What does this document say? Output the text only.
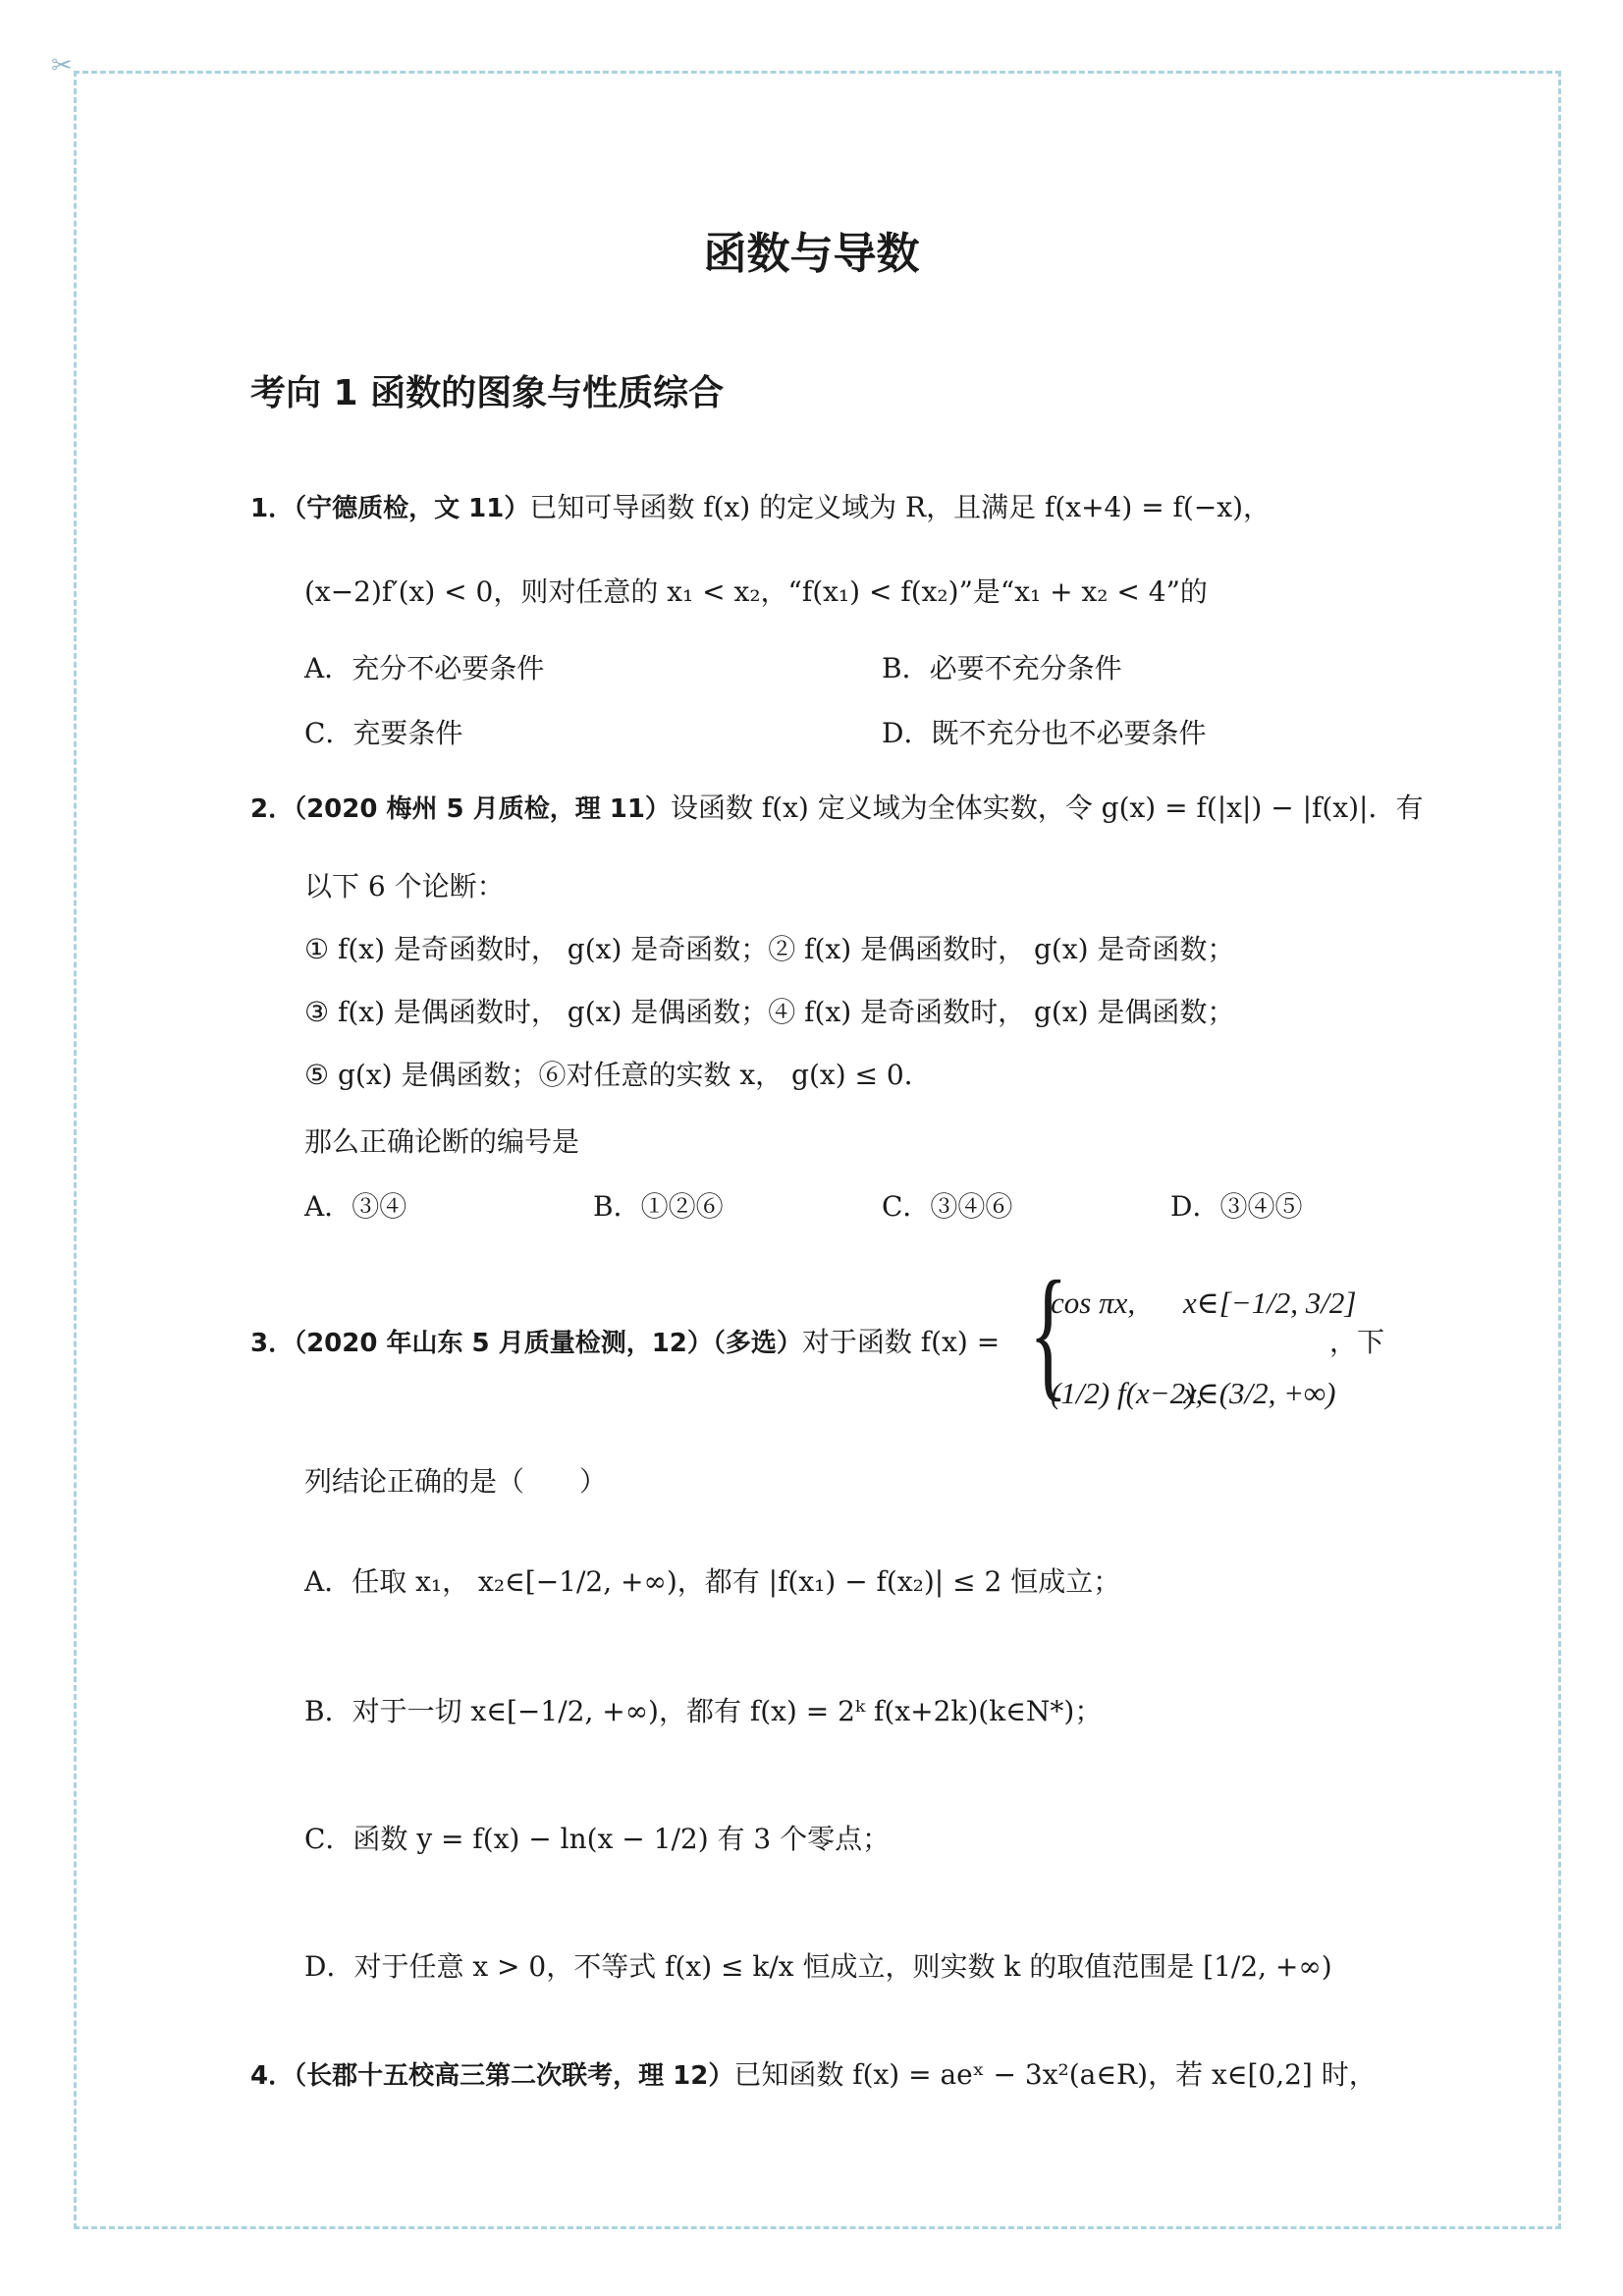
✂
函数与导数
考向 1 函数的图象与性质综合
1．（宁德质检，文 11）已知可导函数 f(x) 的定义域为 R，且满足 f(x+4) = f(−x)，
(x−2)f′(x) < 0，则对任意的 x₁ < x₂，“f(x₁) < f(x₂)”是“x₁ + x₂ < 4”的
A．充分不必要条件	B．必要不充分条件
C．充要条件	D．既不充分也不必要条件
2．（2020 梅州 5 月质检，理 11）设函数 f(x) 定义域为全体实数，令 g(x) = f(|x|) − |f(x)|．有
以下 6 个论断：
① f(x) 是奇函数时， g(x) 是奇函数；② f(x) 是偶函数时， g(x) 是奇函数；
③ f(x) 是偶函数时， g(x) 是偶函数；④ f(x) 是奇函数时， g(x) 是偶函数；
⑤ g(x) 是偶函数；⑥对任意的实数 x， g(x) ≤ 0．
那么正确论断的编号是
A．③④	B．①②⑥	C．③④⑥	D．③④⑤
3．（2020 年山东 5 月质量检测，12）（多选）对于函数 f(x) = {
cos πx, x∈[−1/2, 3/2]
(1/2) f(x−2),
x∈(3/2, +∞)
，下
列结论正确的是（　　）
A．任取 x₁， x₂∈[−1/2, +∞)，都有 |f(x₁) − f(x₂)| ≤ 2 恒成立；
B．对于一切 x∈[−1/2, +∞)，都有 f(x) = 2ᵏ f(x+2k)(k∈N*)；
C．函数 y = f(x) − ln(x − 1/2) 有 3 个零点；
D．对于任意 x > 0，不等式 f(x) ≤ k/x 恒成立，则实数 k 的取值范围是 [1/2, +∞)
4．（长郡十五校高三第二次联考，理 12）已知函数 f(x) = aeˣ − 3x²(a∈R)，若 x∈[0,2] 时，
